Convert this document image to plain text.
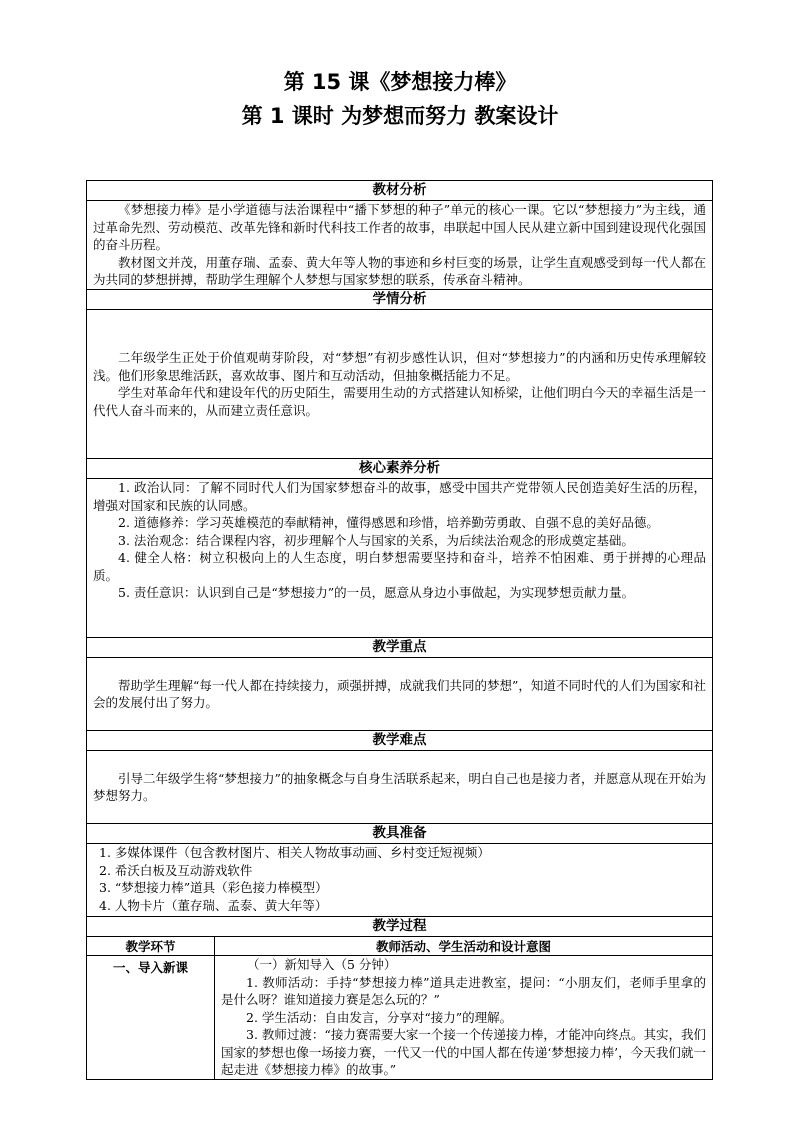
第 15 课《梦想接力棒》
第 1 课时 为梦想而努力 教案设计
教材分析	

《梦想接力棒》是小学道德与法治课程中“播下梦想的种子”单元的核心一课。它以“梦想接力”为主线，通过革命先烈、劳动模范、改革先锋和新时代科技工作者的故事，串联起中国人民从建立新中国到建设现代化强国的奋斗历程。

教材图文并茂，用董存瑞、孟泰、黄大年等人物的事迹和乡村巨变的场景，让学生直观感受到每一代人都在为共同的梦想拼搏，帮助学生理解个人梦想与国家梦想的联系，传承奋斗精神。	

学情分析	

二年级学生正处于价值观萌芽阶段，对“梦想”有初步感性认识，但对“梦想接力”的内涵和历史传承理解较浅。他们形象思维活跃，喜欢故事、图片和互动活动，但抽象概括能力不足。

学生对革命年代和建设年代的历史陌生，需要用生动的方式搭建认知桥梁，让他们明白今天的幸福生活是一代代人奋斗而来的，从而建立责任意识。	

核心素养分析	

1. 政治认同：了解不同时代人们为国家梦想奋斗的故事，感受中国共产党带领人民创造美好生活的历程，增强对国家和民族的认同感。

2. 道德修养：学习英雄模范的奉献精神，懂得感恩和珍惜，培养勤劳勇敢、自强不息的美好品德。

3. 法治观念：结合课程内容，初步理解个人与国家的关系，为后续法治观念的形成奠定基础。

4. 健全人格：树立积极向上的人生态度，明白梦想需要坚持和奋斗，培养不怕困难、勇于拼搏的心理品质。

5. 责任意识：认识到自己是“梦想接力”的一员，愿意从身边小事做起，为实现梦想贡献力量。	

教学重点	

帮助学生理解“每一代人都在持续接力，顽强拼搏，成就我们共同的梦想”，知道不同时代的人们为国家和社会的发展付出了努力。	

教学难点	

引导二年级学生将“梦想接力”的抽象概念与自身生活联系起来，明白自己也是接力者，并愿意从现在开始为梦想努力。	

教具准备	

1. 多媒体课件（包含教材图片、相关人物故事动画、乡村变迁短视频）

2. 希沃白板及互动游戏软件

3. “梦想接力棒”道具（彩色接力棒模型）

4. 人物卡片（董存瑞、孟泰、黄大年等）	

教学过程	
教学环节	教师活动、学生活动和设计意图
一、导入新课	（一）新知导入（5 分钟）

1. 教师活动：手持“梦想接力棒”道具走进教室，提问：“小朋友们，老师手里拿的是什么呀？谁知道接力赛是怎么玩的？”

2. 学生活动：自由发言，分享对“接力”的理解。

3. 教师过渡：“接力赛需要大家一个接一个传递接力棒，才能冲向终点。其实，我们国家的梦想也像一场接力赛，一代又一代的中国人都在传递‘梦想接力棒’，今天我们就一起走进《梦想接力棒》的故事。”
